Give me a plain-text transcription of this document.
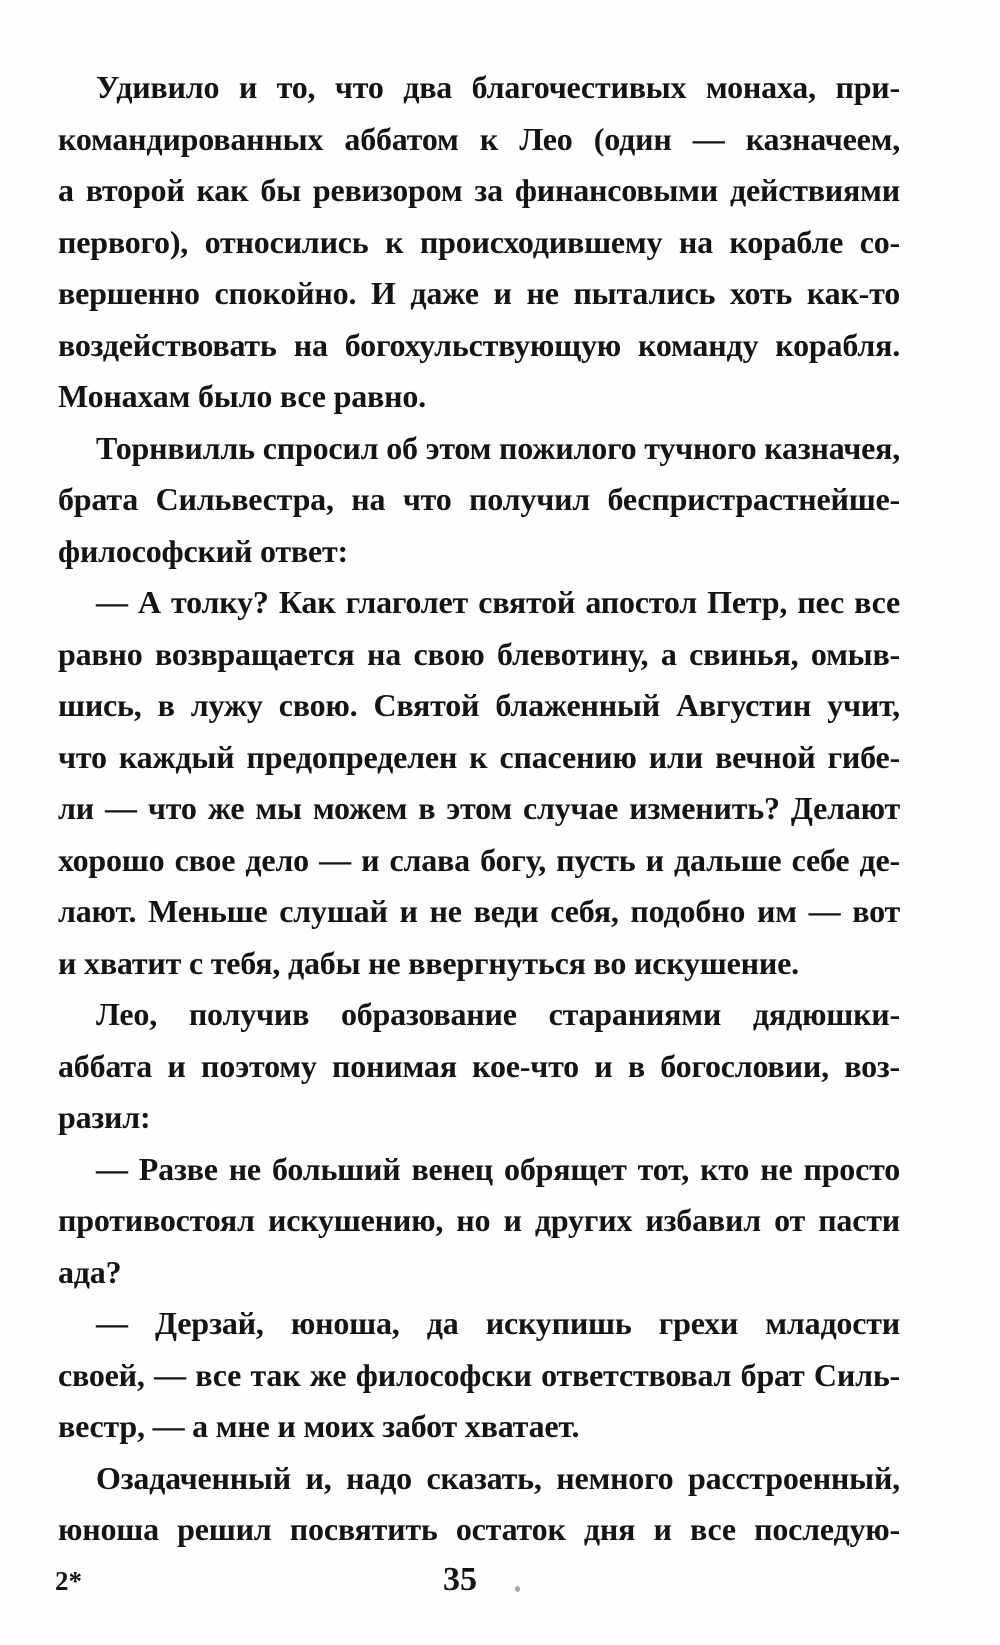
Удивило и то, что два благочестивых монаха, при-
командированных аббатом к Лео (один — казначеем,
а второй как бы ревизором за финансовыми действиями
первого), относились к происходившему на корабле со-
вершенно спокойно. И даже и не пытались хоть как-то
воздействовать на богохульствующую команду корабля.
Монахам было все равно.
Торнвилль спросил об этом пожилого тучного казначея,
брата Сильвестра, на что получил беспристрастнейше-
философский ответ:
— А толку? Как глаголет святой апостол Петр, пес все
равно возвращается на свою блевотину, а свинья, омыв-
шись, в лужу свою. Святой блаженный Августин учит,
что каждый предопределен к спасению или вечной гибе-
ли — что же мы можем в этом случае изменить? Делают
хорошо свое дело — и слава богу, пусть и дальше себе де-
лают. Меньше слушай и не веди себя, подобно им — вот
и хватит с тебя, дабы не ввергнуться во искушение.
Лео, получив образование стараниями дядюшки-
аббата и поэтому понимая кое-что и в богословии, воз-
разил:
— Разве не больший венец обрящет тот, кто не просто
противостоял искушению, но и других избавил от пасти
ада?
— Дерзай, юноша, да искупишь грехи младости
своей, — все так же философски ответствовал брат Силь-
вестр, — а мне и моих забот хватает.
Озадаченный и, надо сказать, немного расстроенный,
юноша решил посвятить остаток дня и все последую-
2*	35
